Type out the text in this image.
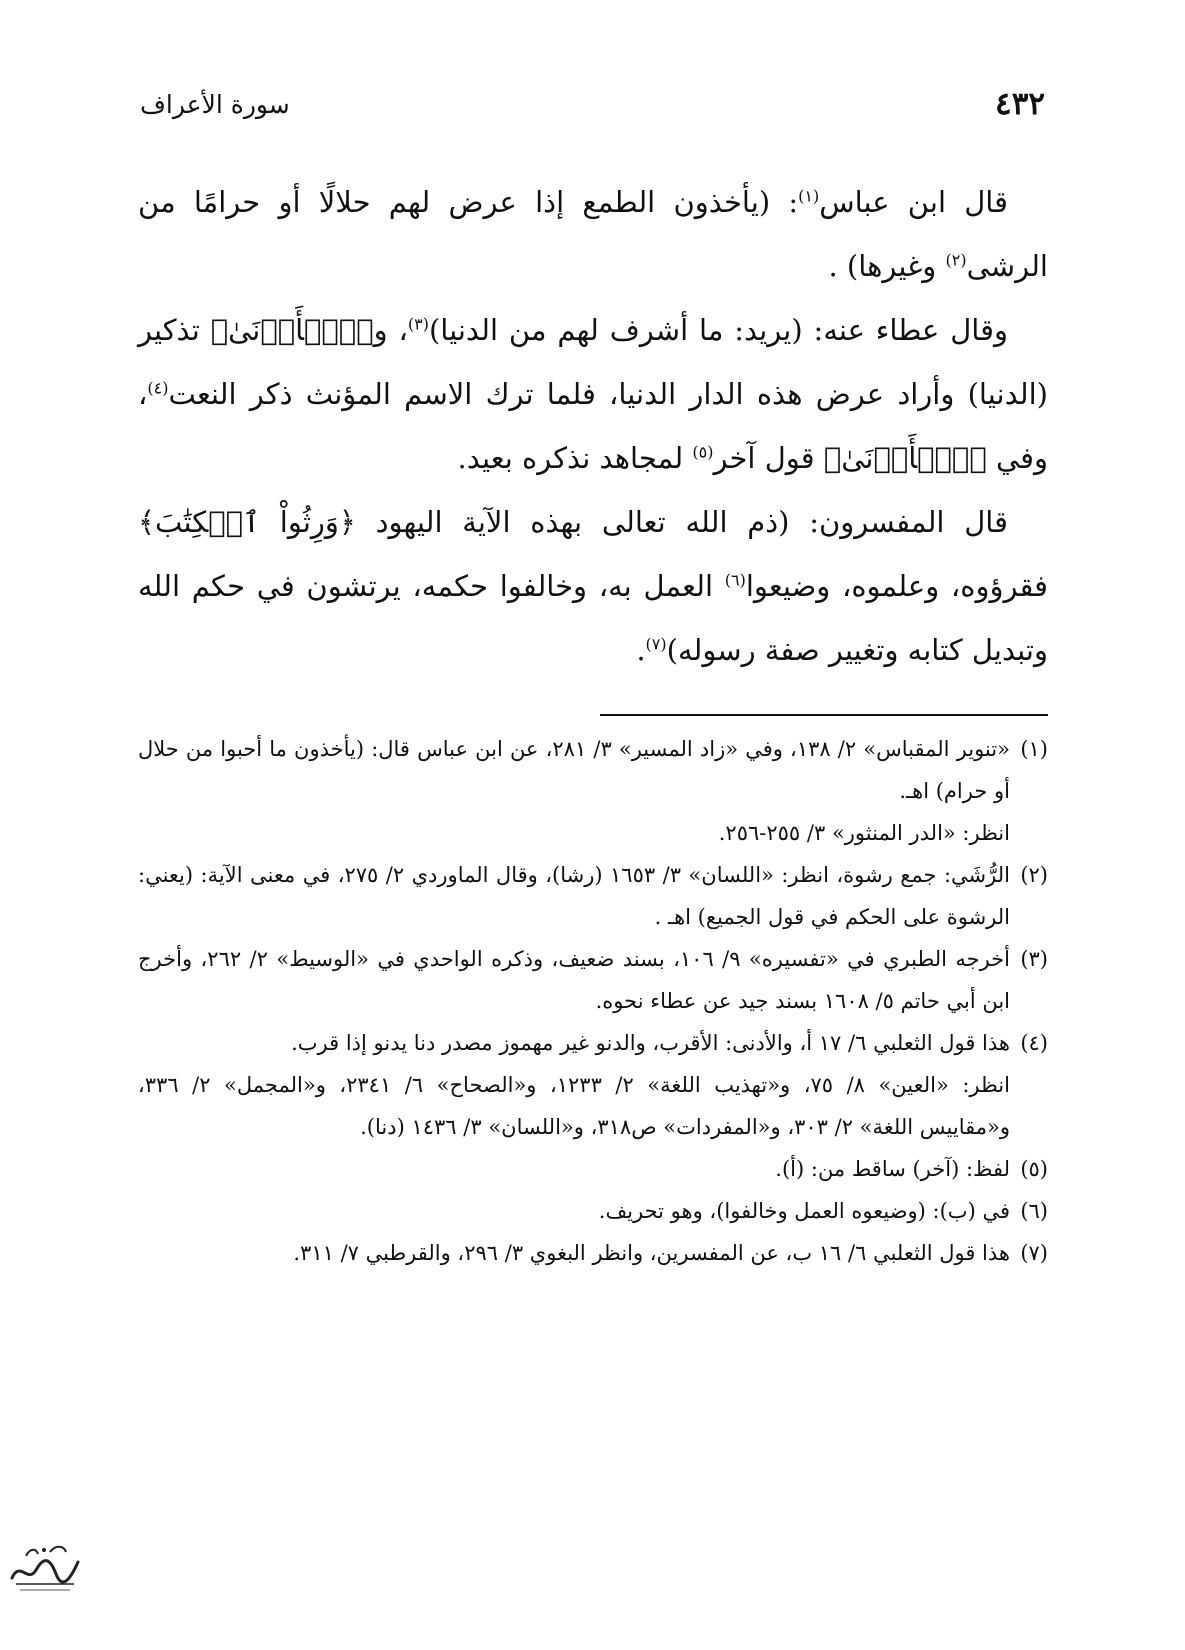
٤٣٢
سورة الأعراف

قال ابن عباس$^{(١)}$: (يأخذون الطمع إذا عرض لهم حلالًا أو حرامًا من الرشى$^{(٢)}$ وغيرها) .

وقال عطاء عنه: (يريد: ما أشرف لهم من الدنيا)$^{(٣)}$، و﴿ٱلۡأَدۡنَىٰ﴾ تذكير (الدنيا) وأراد عرض هذه الدار الدنيا، فلما ترك الاسم المؤنث ذكر النعت$^{(٤)}$، وفي ﴿ٱلۡأَدۡنَىٰ﴾ قول آخر$^{(٥)}$ لمجاهد نذكره بعيد.

قال المفسرون: (ذم الله تعالى بهذه الآية اليهود ﴿وَرِثُواْ ٱلۡكِتَٰبَ﴾ فقرؤوه، وعلموه، وضيعوا$^{(٦)}$ العمل به، وخالفوا حكمه، يرتشون في حكم الله وتبديل كتابه وتغيير صفة رسوله)$^{(٧)}$.

(١)
«تنوير المقباس» ٢/ ١٣٨، وفي «زاد المسير» ٣/ ٢٨١، عن ابن عباس قال: (يأخذون ما أحبوا من حلال أو حرام) اهـ.
انظر: «الدر المنثور» ٣/ ٢٥٥-٢٥٦.
(٢)
الرُّشَي: جمع رشوة، انظر: «اللسان» ٣/ ١٦٥٣ (رشا)، وقال الماوردي ٢/ ٢٧٥، في معنى الآية: (يعني: الرشوة على الحكم في قول الجميع) اهـ .
(٣)
أخرجه الطبري في «تفسيره» ٩/ ١٠٦، بسند ضعيف، وذكره الواحدي في «الوسيط» ٢/ ٢٦٢، وأخرج ابن أبي حاتم ٥/ ١٦٠٨ بسند جيد عن عطاء نحوه.
(٤)
هذا قول الثعلبي ٦/ ١٧ أ، والأدنى: الأقرب، والدنو غير مهموز مصدر دنا يدنو إذا قرب.
انظر: «العين» ٨/ ٧٥، و«تهذيب اللغة» ٢/ ١٢٣٣، و«الصحاح» ٦/ ٢٣٤١، و«المجمل» ٢/ ٣٣٦، و«مقاييس اللغة» ٢/ ٣٠٣، و«المفردات» ص٣١٨، و«اللسان» ٣/ ١٤٣٦ (دنا).
(٥)
لفظ: (آخر) ساقط من: (أ).
(٦)
في (ب): (وضيعوه العمل وخالفوا)، وهو تحريف.
(٧)
هذا قول الثعلبي ٦/ ١٦ ب، عن المفسرين، وانظر البغوي ٣/ ٢٩٦، والقرطبي ٧/ ٣١١.
